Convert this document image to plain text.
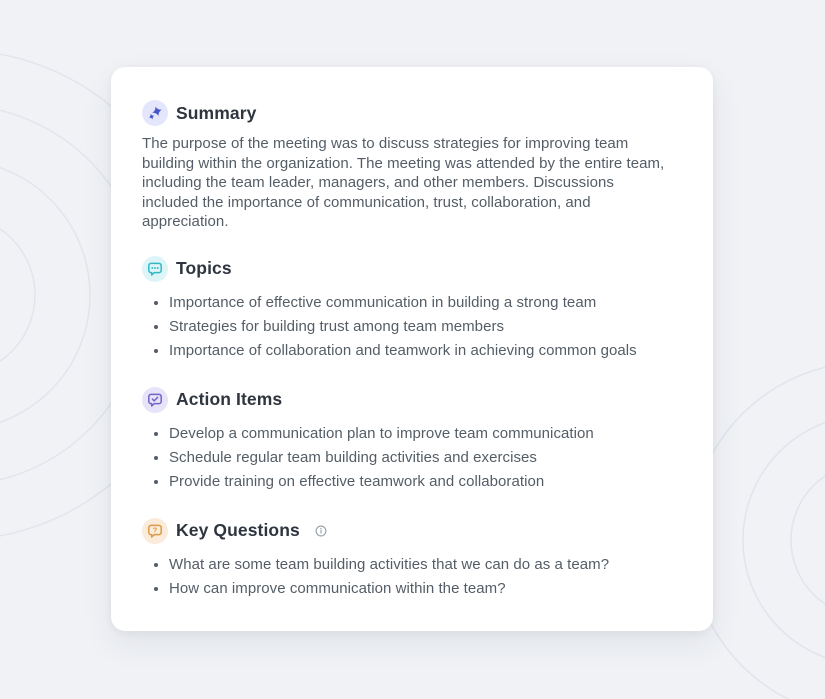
Summary

The purpose of the meeting was to discuss strategies for improving team building within the organization. The meeting was attended by the entire team, including the team leader, managers, and other members. Discussions included the importance of communication, trust, collaboration, and appreciation.

Topics
• Importance of effective communication in building a strong team
• Strategies for building trust among team members
• Importance of collaboration and teamwork in achieving common goals
Action Items
• Develop a communication plan to improve team communication
• Schedule regular team building activities and exercises
• Provide training on effective teamwork and collaboration
? Key Questions
• What are some team building activities that we can do as a team?
• How can improve communication within the team?
